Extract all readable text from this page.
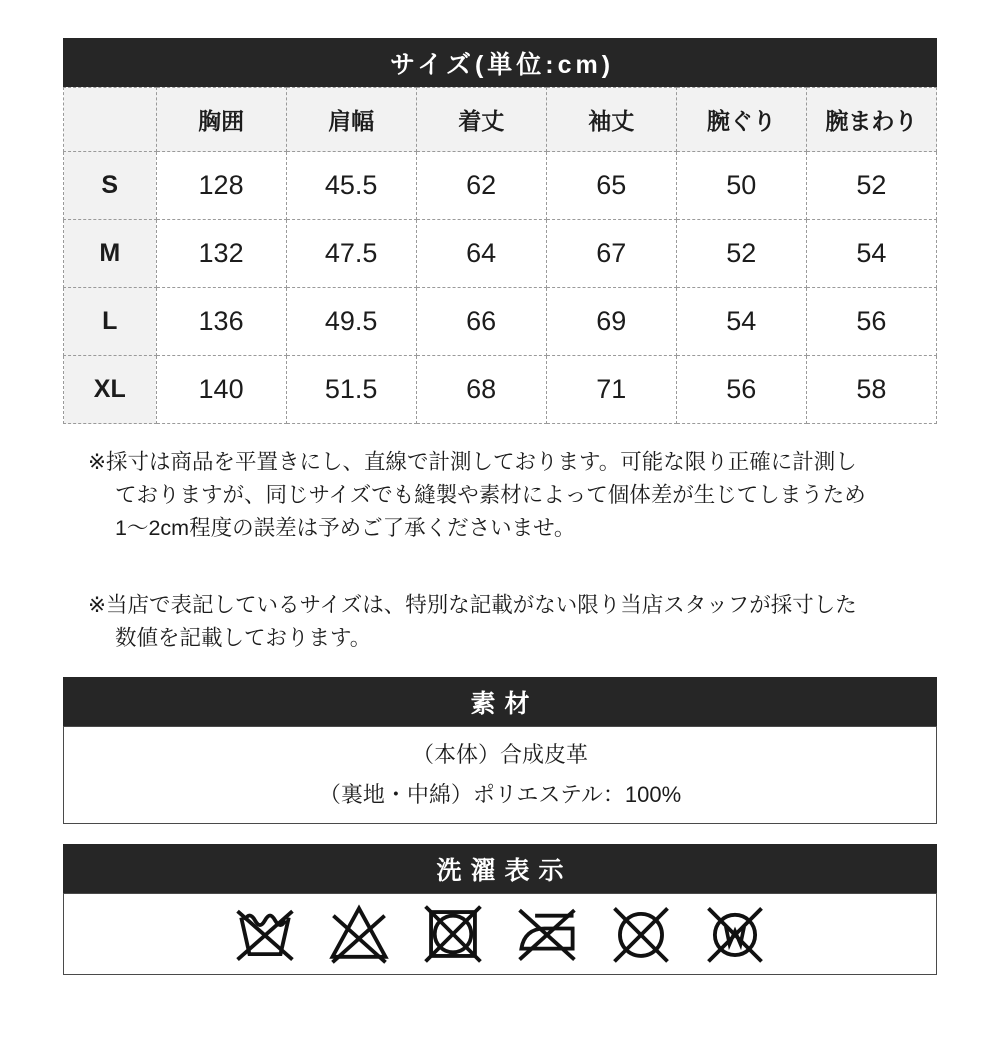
サイズ(単位:cm)
	胸囲	肩幅	着丈	袖丈	腕ぐり	腕まわり
S	128	45.5	62	65	50	52
M	132	47.5	64	67	52	54
L	136	49.5	66	69	54	56
XL	140	51.5	68	71	56	58
※採寸は商品を平置きにし、直線で計測しております。可能な限り正確に計測し
ておりますが、同じサイズでも縫製や素材によって個体差が生じてしまうため
1〜2cm程度の誤差は予めご了承くださいませ。
※当店で表記しているサイズは、特別な記載がない限り当店スタッフが採寸した
数値を記載しております。
素材
（本体）合成皮革
（裏地・中綿）ポリエステル：100%
洗濯表示
